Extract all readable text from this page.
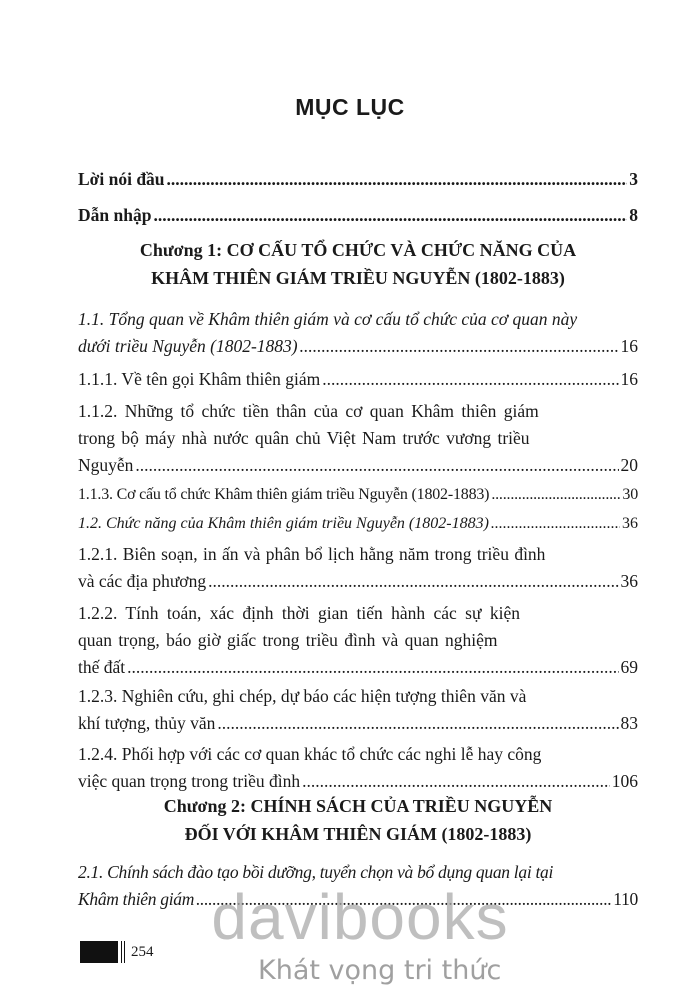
MỤC LỤC
Lời nói đầu .....	3
Dẫn nhập .....	8
Chương 1: CƠ CẤU TỔ CHỨC VÀ CHỨC NĂNG CỦA
KHÂM THIÊN GIÁM TRIỀU NGUYỄN (1802-1883)
1.1. Tổng quan về Khâm thiên giám và cơ cấu tổ chức của cơ quan này
dưới triều Nguyễn (1802-1883) .....	16
1.1.1. Về tên gọi Khâm thiên giám .....	16
1.1.2. Những tổ chức tiền thân của cơ quan Khâm thiên giám
trong bộ máy nhà nước quân chủ Việt Nam trước vương triều
Nguyễn .....	20
1.1.3. Cơ cấu tổ chức Khâm thiên giám triều Nguyễn (1802-1883) .....	30
1.2. Chức năng của Khâm thiên giám triều Nguyễn (1802-1883) .....	36
1.2.1. Biên soạn, in ấn và phân bổ lịch hằng năm trong triều đình
và các địa phương .....	36
1.2.2. Tính toán, xác định thời gian tiến hành các sự kiện
quan trọng, báo giờ giấc trong triều đình và quan nghiệm
thế đất .....	69
1.2.3. Nghiên cứu, ghi chép, dự báo các hiện tượng thiên văn và
khí tượng, thủy văn .....	83
1.2.4. Phối hợp với các cơ quan khác tổ chức các nghi lễ hay công
việc quan trọng trong triều đình .....	106
Chương 2: CHÍNH SÁCH CỦA TRIỀU NGUYỄN
ĐỐI VỚI KHÂM THIÊN GIÁM (1802-1883)
2.1. Chính sách đào tạo bồi dưỡng, tuyển chọn và bổ dụng quan lại tại
Khâm thiên giám .....	110
davibooks
Khát vọng tri thức
254
